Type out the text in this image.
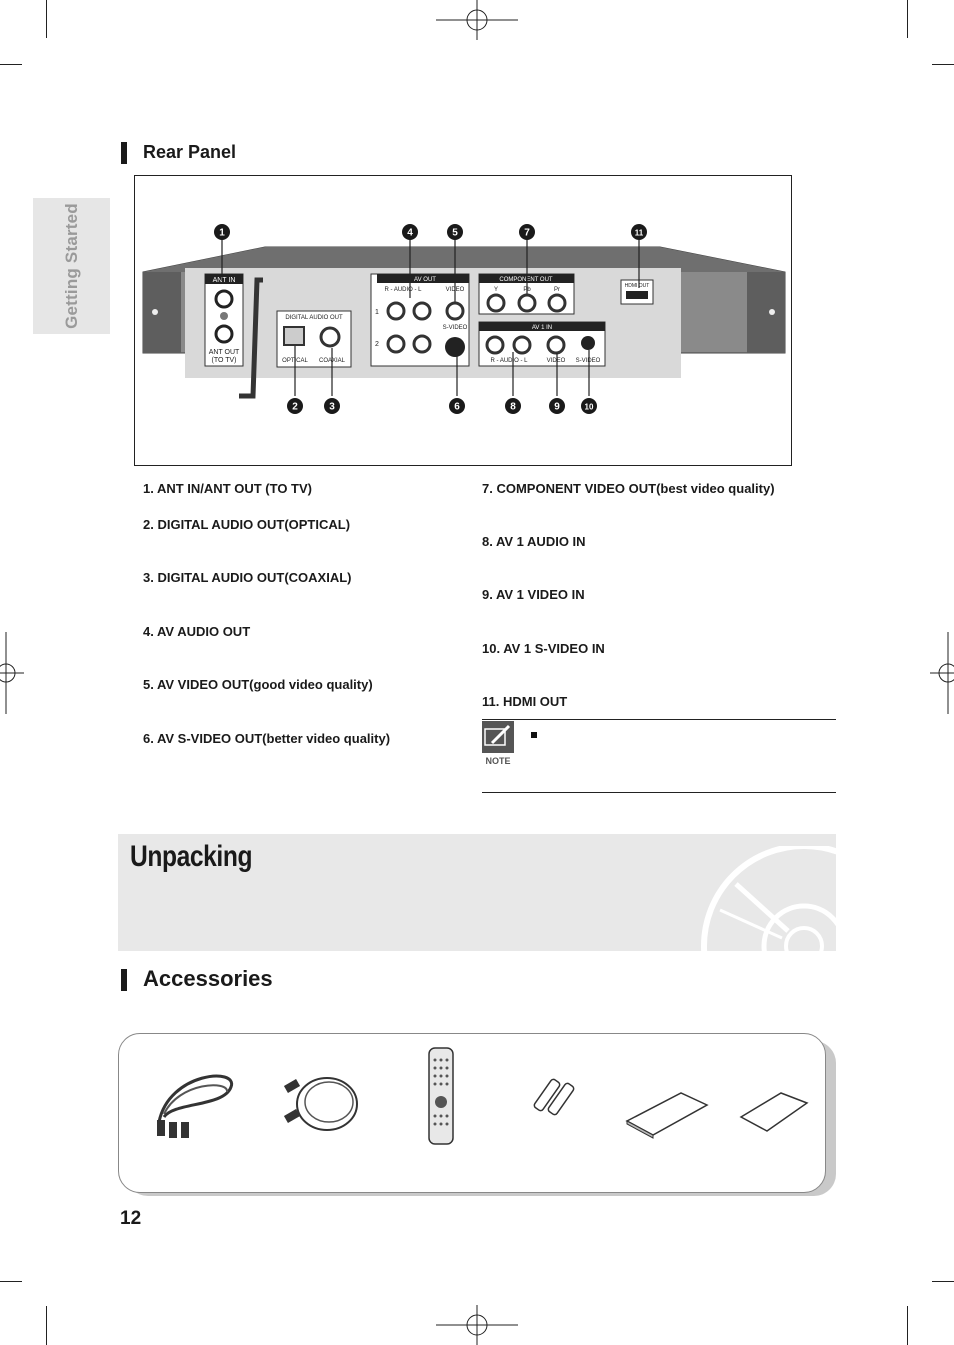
Getting Started
Rear Panel
ANT IN
ANT OUT
(TO TV)
DIGITAL AUDIO OUT
OPTICAL COAXIAL
AV OUT
R - AUDIO - L	VIDEO
1
2
S-VIDEO
COMPONENT OUT
Y	Pb	Pr
AV 1 IN
R - AUDIO - L	VIDEO S-VIDEO
HDMI OUT
1
2	3
4	5
6
7
8	9	10
11
1. ANT IN/ANT OUT (TO TV)
2. DIGITAL AUDIO OUT(OPTICAL)
3. DIGITAL AUDIO OUT(COAXIAL)
4. AV AUDIO OUT
5. AV VIDEO OUT(good video quality)
6. AV S-VIDEO OUT(better video quality)
7. COMPONENT VIDEO OUT(best video quality)
8. AV 1 AUDIO IN
9. AV 1 VIDEO IN
10. AV 1 S-VIDEO IN
11. HDMI OUT
NOTE
Unpacking
Accessories
12
